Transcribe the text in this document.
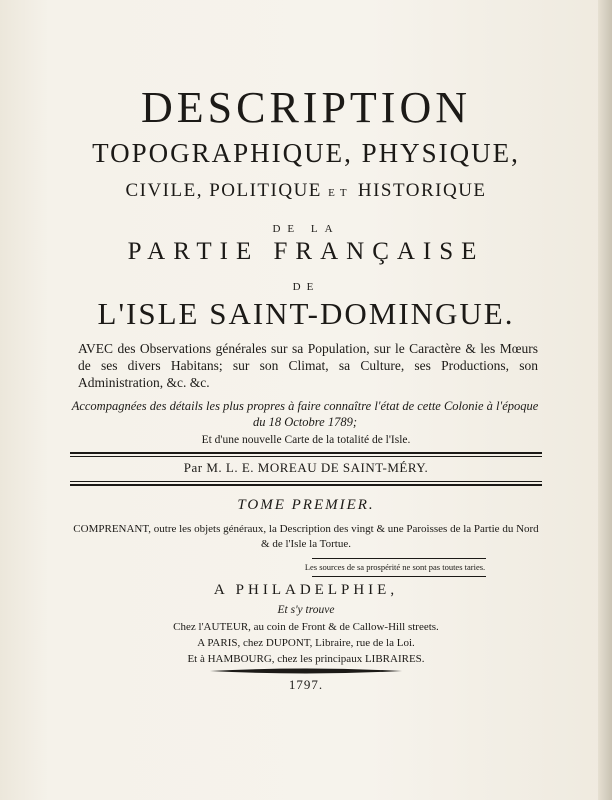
DESCRIPTION
TOPOGRAPHIQUE, PHYSIQUE,
CIVILE, POLITIQUE ET HISTORIQUE
DE LA
PARTIE FRANÇAISE
DE
L'ISLE SAINT-DOMINGUE.
AVEC des Observations générales sur sa Population, sur le Caractère & les Mœurs de ses divers Habitans; sur son Climat, sa Culture, ses Productions, son Administration, &c. &c.
Accompagnées des détails les plus propres à faire connaître l'état de cette Colonie à l'époque du 18 Octobre 1789;
Et d'une nouvelle Carte de la totalité de l'Isle.
Par M. L. E. MOREAU DE SAINT-MÉRY.
TOME PREMIER.
COMPRENANT, outre les objets généraux, la Description des vingt & une Paroisses de la Partie du Nord & de l'Isle la Tortue.
Les sources de sa prospérité ne sont pas toutes taries.
A PHILADELPHIE,
Et s'y trouve
Chez l'AUTEUR, au coin de Front & de Callow-Hill streets.
A PARIS, chez DUPONT, Libraire, rue de la Loi.
Et à HAMBOURG, chez les principaux LIBRAIRES.
1797.
